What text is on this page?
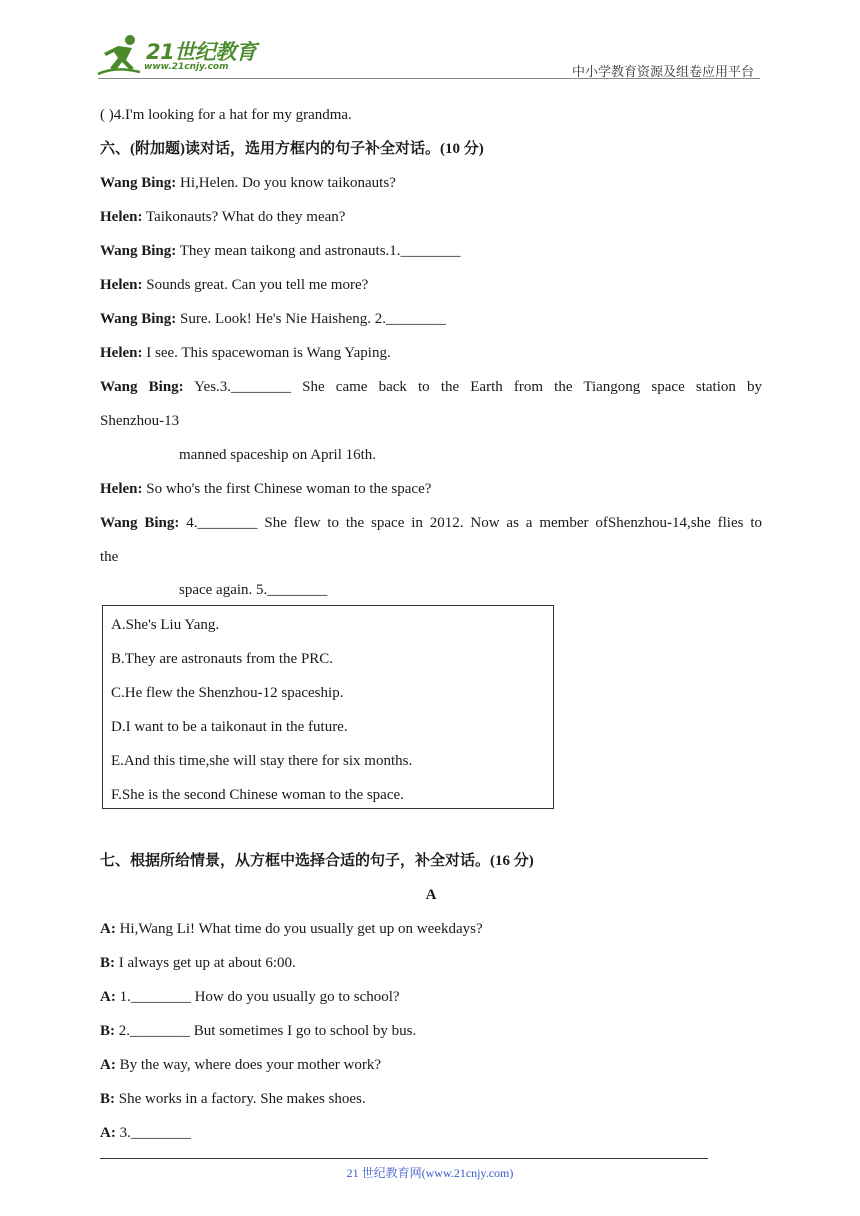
21世纪教育
www.21cnjy.com	中小学教育资源及组卷应用平台
( )4.I'm looking for a hat for my grandma.
六、(附加题)读对话，选用方框内的句子补全对话。(10 分)
Wang Bing: Hi,Helen. Do you know taikonauts?
Helen: Taikonauts? What do they mean?
Wang Bing: They mean taikong and astronauts.1.________
Helen: Sounds great. Can you tell me more?
Wang Bing: Sure. Look! He's Nie Haisheng. 2.________
Helen: I see. This spacewoman is Wang Yaping.
Wang Bing: Yes.3.________ She came back to the Earth from the Tiangong space station by
Shenzhou-13
manned spaceship on April 16th.
Helen: So who's the first Chinese woman to the space?
Wang Bing: 4.________ She flew to the space in 2012. Now as a member ofShenzhou-14,she flies to
the
space again. 5.________
A.She's Liu Yang.
B.They are astronauts from the PRC.
C.He flew the Shenzhou-12 spaceship.
D.I want to be a taikonaut in the future.
E.And this time,she will stay there for six months.
F.She is the second Chinese woman to the space.
七、根据所给情景，从方框中选择合适的句子，补全对话。(16 分)
A
A: Hi,Wang Li! What time do you usually get up on weekdays?
B: I always get up at about 6:00.
A: 1.________ How do you usually go to school?
B: 2.________ But sometimes I go to school by bus.
A: By the way, where does your mother work?
B: She works in a factory. She makes shoes.
A: 3.________
21 世纪教育网(www.21cnjy.com)
